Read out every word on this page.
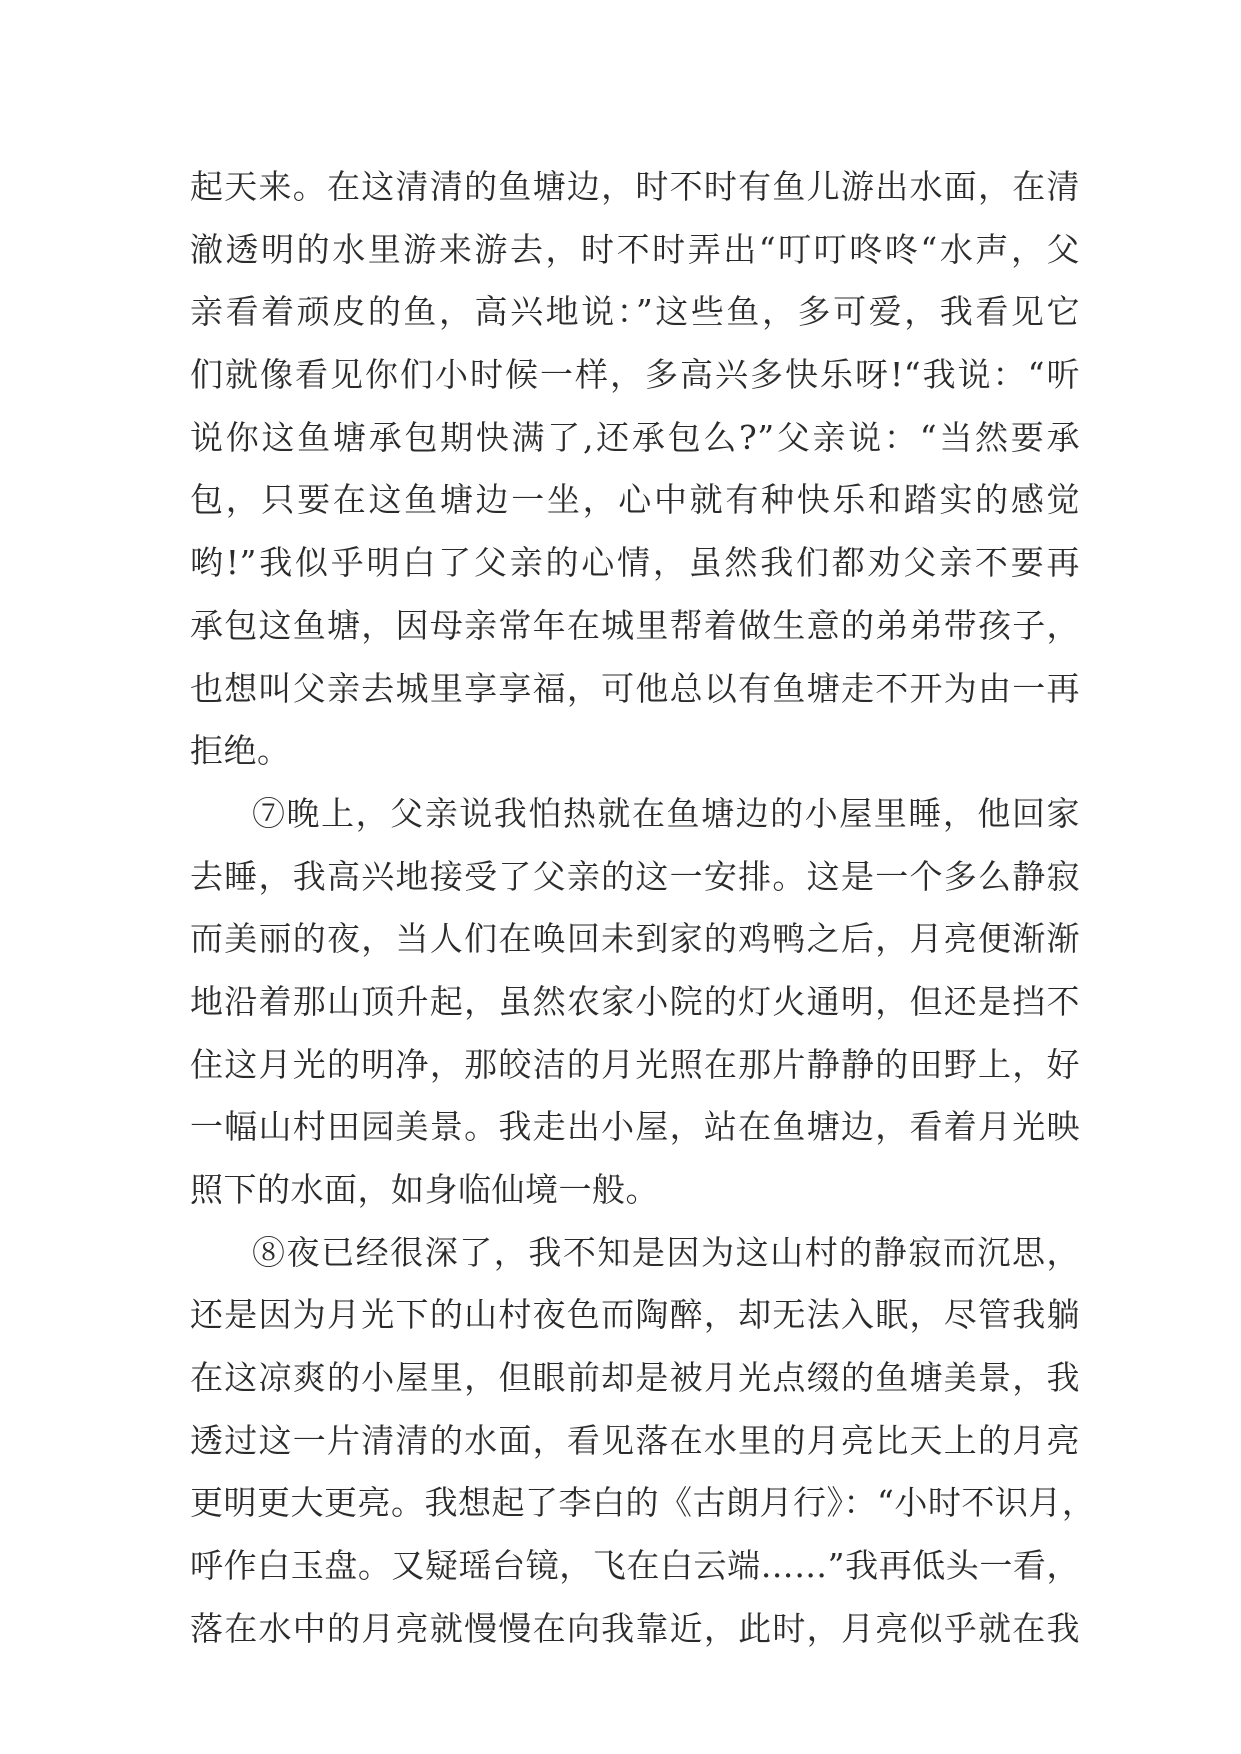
起天来。在这清清的鱼塘边，时不时有鱼儿游出水面，在清
澈透明的水里游来游去，时不时弄出“叮叮咚咚“水声，父
亲看着顽皮的鱼，高兴地说：”这些鱼，多可爱，我看见它
们就像看见你们小时候一样，多高兴多快乐呀!“我说：“听
说你这鱼塘承包期快满了,还承包么?”父亲说：“当然要承
包，只要在这鱼塘边一坐，心中就有种快乐和踏实的感觉
哟!”我似乎明白了父亲的心情，虽然我们都劝父亲不要再
承包这鱼塘，因母亲常年在城里帮着做生意的弟弟带孩子，
也想叫父亲去城里享享福，可他总以有鱼塘走不开为由一再
拒绝。
⑦晚上，父亲说我怕热就在鱼塘边的小屋里睡，他回家
去睡，我高兴地接受了父亲的这一安排。这是一个多么静寂
而美丽的夜，当人们在唤回未到家的鸡鸭之后，月亮便渐渐
地沿着那山顶升起，虽然农家小院的灯火通明，但还是挡不
住这月光的明净，那皎洁的月光照在那片静静的田野上，好
一幅山村田园美景。我走出小屋，站在鱼塘边，看着月光映
照下的水面，如身临仙境一般。
⑧夜已经很深了，我不知是因为这山村的静寂而沉思，
还是因为月光下的山村夜色而陶醉，却无法入眠，尽管我躺
在这凉爽的小屋里，但眼前却是被月光点缀的鱼塘美景，我
透过这一片清清的水面，看见落在水里的月亮比天上的月亮
更明更大更亮。我想起了李白的《古朗月行》：“小时不识月，
呼作白玉盘。又疑瑶台镜，飞在白云端……”我再低头一看，
落在水中的月亮就慢慢在向我靠近，此时，月亮似乎就在我
